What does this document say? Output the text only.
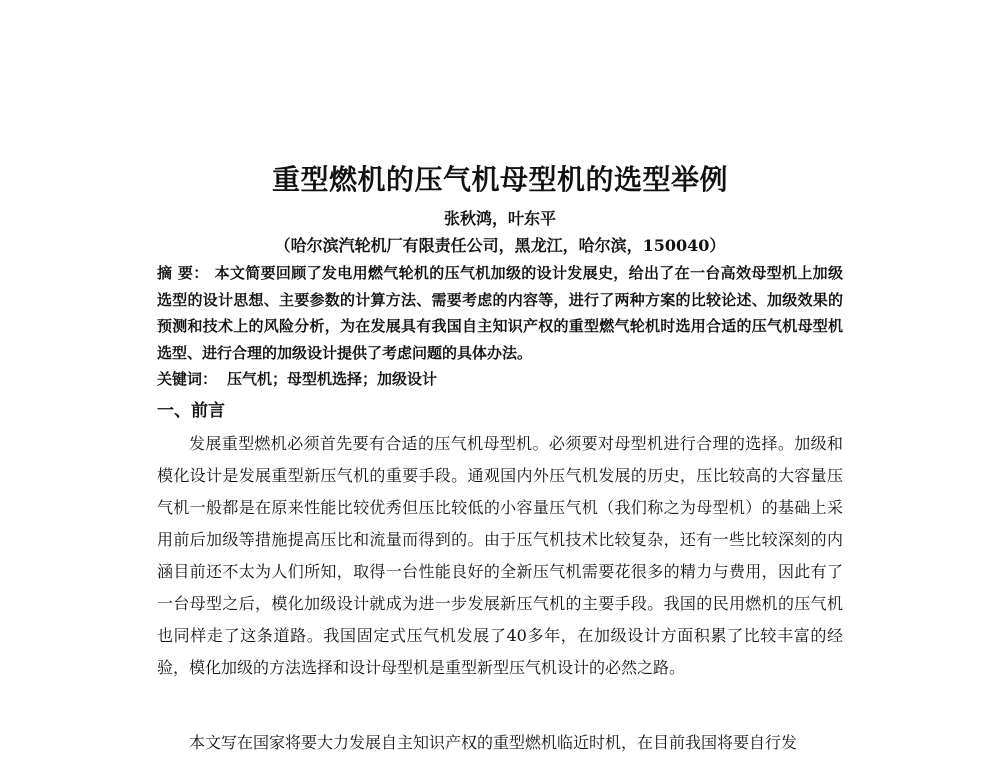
重型燃机的压气机母型机的选型举例
张秋鸿，叶东平
（哈尔滨汽轮机厂有限责任公司，黑龙江，哈尔滨，150040）
摘 要： 本文简要回顾了发电用燃气轮机的压气机加级的设计发展史，给出了在一台高效母型机上加级选型的设计思想、主要参数的计算方法、需要考虑的内容等，进行了两种方案的比较论述、加级效果的预测和技术上的风险分析，为在发展具有我国自主知识产权的重型燃气轮机时选用合适的压气机母型机选型、进行合理的加级设计提供了考虑问题的具体办法。
关键词： 压气机；母型机选择；加级设计
一、前言

发展重型燃机必须首先要有合适的压气机母型机。必须要对母型机进行合理的选择。加级和模化设计是发展重型新压气机的重要手段。通观国内外压气机发展的历史，压比较高的大容量压气机一般都是在原来性能比较优秀但压比较低的小容量压气机（我们称之为母型机）的基础上采用前后加级等措施提高压比和流量而得到的。由于压气机技术比较复杂，还有一些比较深刻的内涵目前还不太为人们所知，取得一台性能良好的全新压气机需要花很多的精力与费用，因此有了一台母型之后，模化加级设计就成为进一步发展新压气机的主要手段。我国的民用燃机的压气机也同样走了这条道路。我国固定式压气机发展了40多年，在加级设计方面积累了比较丰富的经验，模化加级的方法选择和设计母型机是重型新型压气机设计的必然之路。

本文写在国家将要大力发展自主知识产权的重型燃机临近时机，在目前我国将要自行发
